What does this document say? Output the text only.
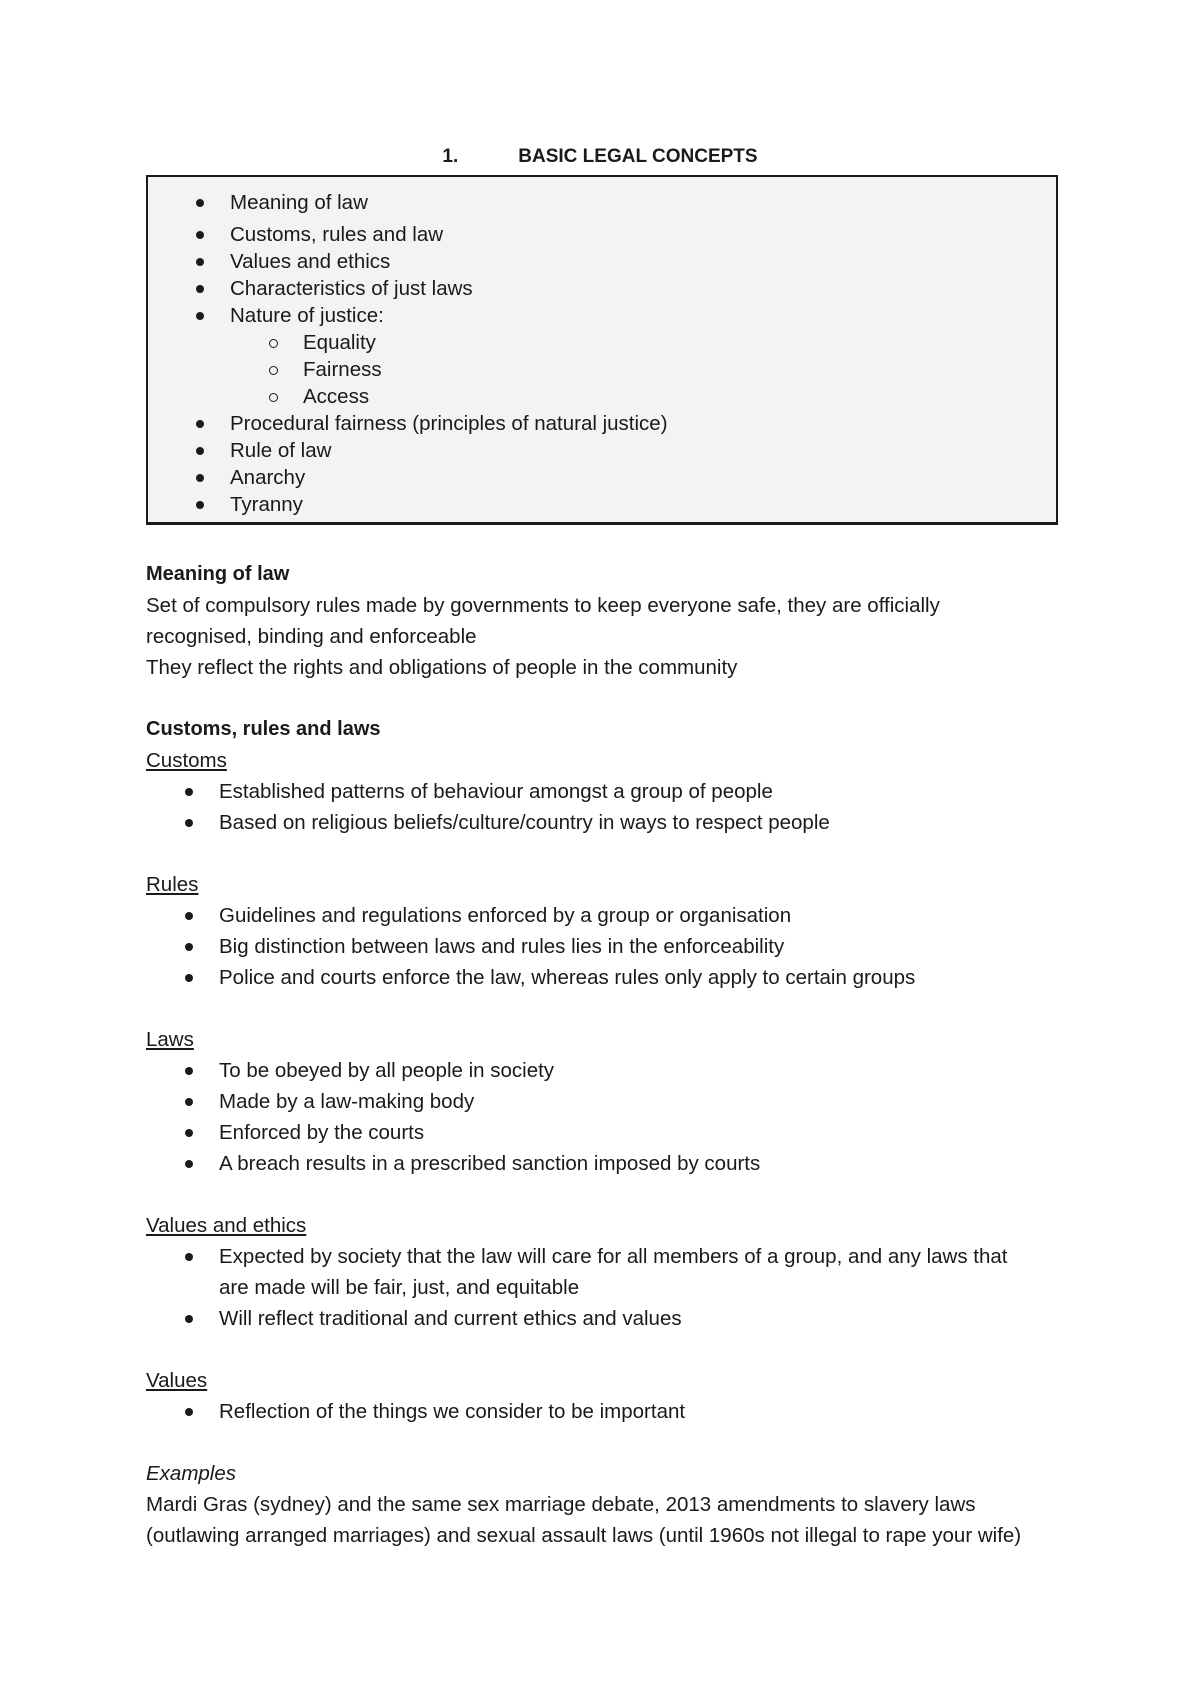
1.	BASIC LEGAL CONCEPTS
Meaning of law
Customs, rules and law
Values and ethics
Characteristics of just laws
Nature of justice:
Equality
Fairness
Access
Procedural fairness (principles of natural justice)
Rule of law
Anarchy
Tyranny
Meaning of law

Set of compulsory rules made by governments to keep everyone safe, they are officially

recognised, binding and enforceable

They reflect the rights and obligations of people in the community

Customs, rules and laws
Customs
Established patterns of behaviour amongst a group of people
Based on religious beliefs/culture/country in ways to respect people
Rules
Guidelines and regulations enforced by a group or organisation
Big distinction between laws and rules lies in the enforceability
Police and courts enforce the law, whereas rules only apply to certain groups
Laws
To be obeyed by all people in society
Made by a law-making body
Enforced by the courts
A breach results in a prescribed sanction imposed by courts
Values and ethics
Expected by society that the law will care for all members of a group, and any laws that
are made will be fair, just, and equitable
Will reflect traditional and current ethics and values
Values
Reflection of the things we consider to be important
Examples

Mardi Gras (sydney) and the same sex marriage debate, 2013 amendments to slavery laws

(outlawing arranged marriages) and sexual assault laws (until 1960s not illegal to rape your wife)
